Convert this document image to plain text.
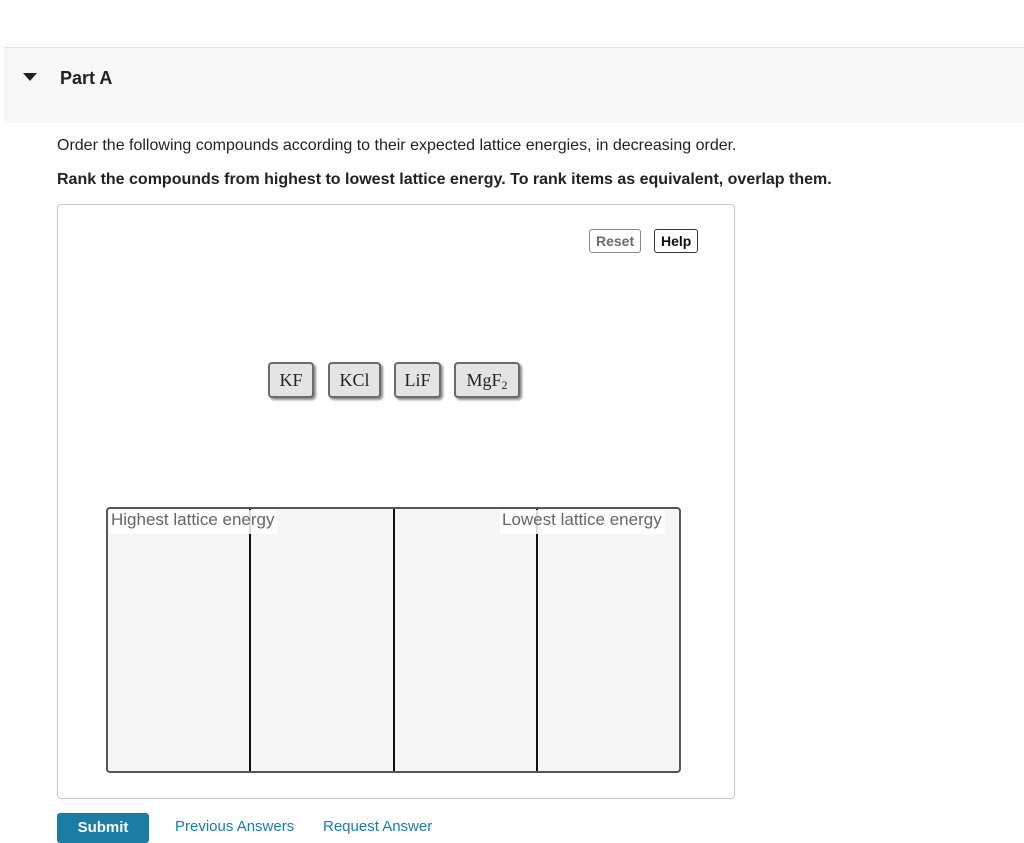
Part A
Order the following compounds according to their expected lattice energies, in decreasing order.
Rank the compounds from highest to lowest lattice energy. To rank items as equivalent, overlap them.
Reset	Help
KF	KCl	LiF	MgF$_2$
Highest lattice energy	Lowest lattice energy
Submit	Previous Answers Request Answer
